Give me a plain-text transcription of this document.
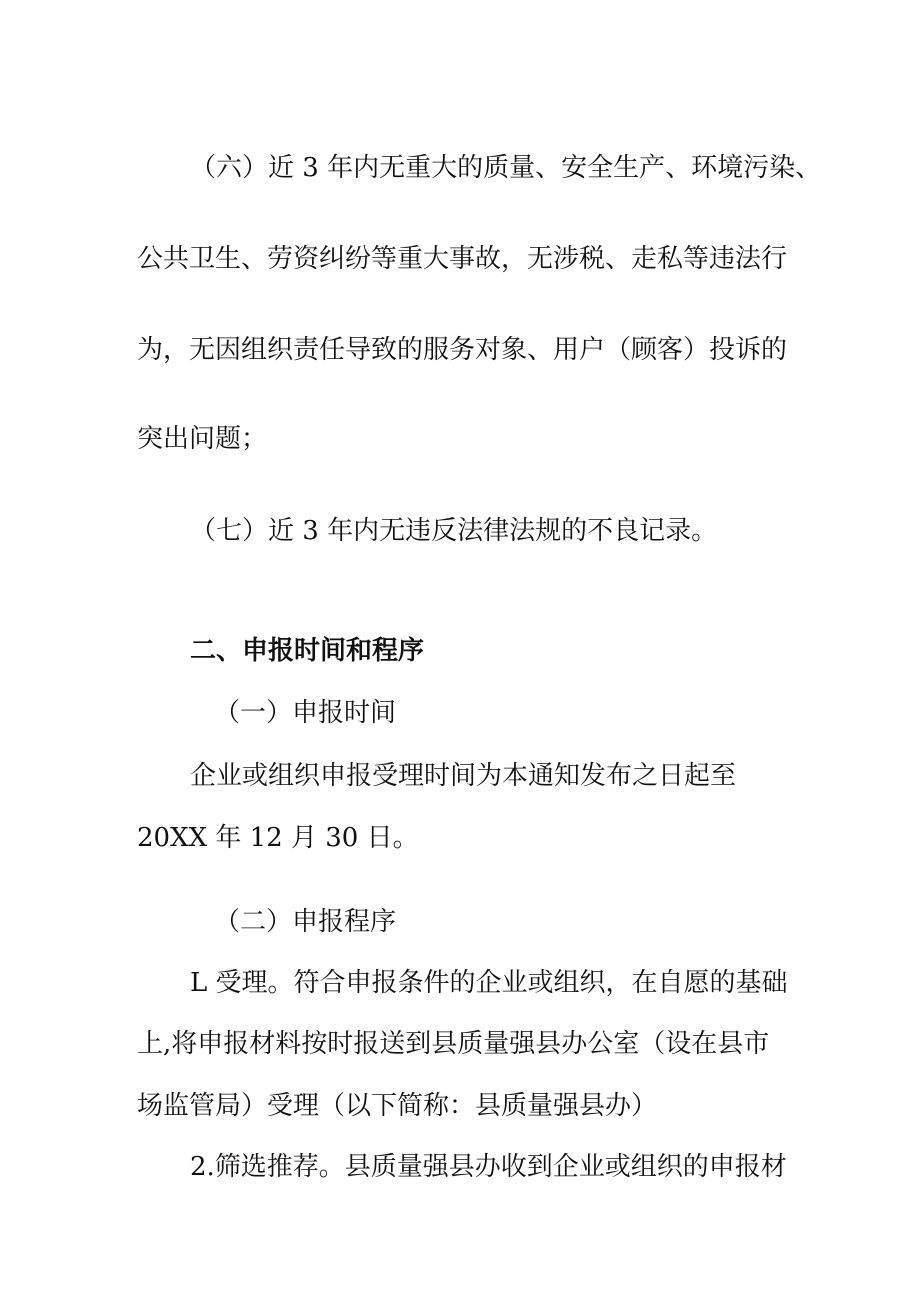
（六）近 3 年内无重大的质量、安全生产、环境污染、
公共卫生、劳资纠纷等重大事故，无涉税、走私等违法行
为，无因组织责任导致的服务对象、用户（顾客）投诉的
突出问题；
（七）近 3 年内无违反法律法规的不良记录。
二、申报时间和程序
（一）申报时间
企业或组织申报受理时间为本通知发布之日起至
20XX 年 12 月 30 日。
（二）申报程序
L 受理。符合申报条件的企业或组织，在自愿的基础
上,将申报材料按时报送到县质量强县办公室（设在县市
场监管局）受理（以下简称：县质量强县办）
2.筛选推荐。县质量强县办收到企业或组织的申报材
